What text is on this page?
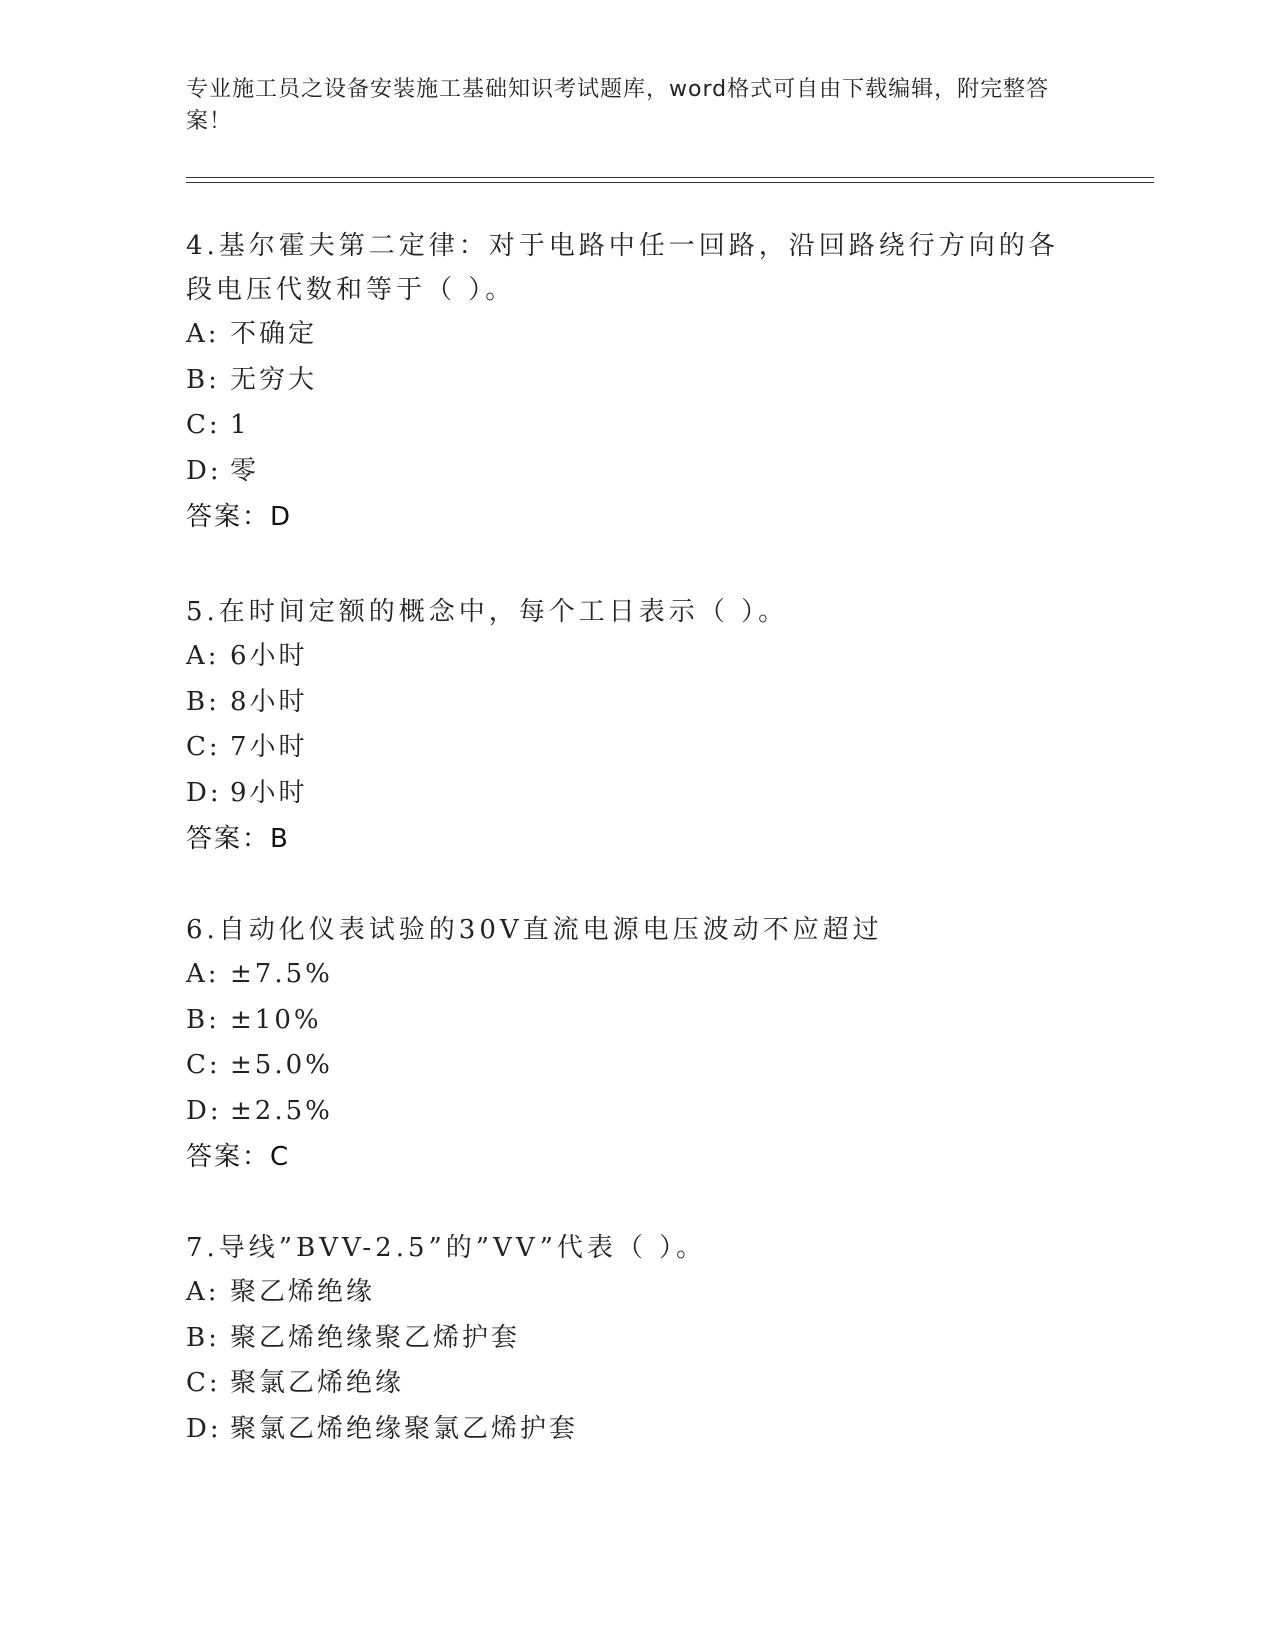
专业施工员之设备安装施工基础知识考试题库，word格式可自由下载编辑，附完整答案！

4.基尔霍夫第二定律：对于电路中任一回路，沿回路绕行方向的各段电压代数和等于（ ）。

A: 不确定
B: 无穷大
C: 1
D: 零
答案：D

5.在时间定额的概念中，每个工日表示（ ）。

A: 6小时
B: 8小时
C: 7小时
D: 9小时
答案：B

6.自动化仪表试验的30V直流电源电压波动不应超过

A: ±7.5%
B: ±10%
C: ±5.0%
D: ±2.5%
答案：C

7.导线”BVV-2.5”的”VV”代表（ ）。

A: 聚乙烯绝缘
B: 聚乙烯绝缘聚乙烯护套
C: 聚氯乙烯绝缘
D: 聚氯乙烯绝缘聚氯乙烯护套
